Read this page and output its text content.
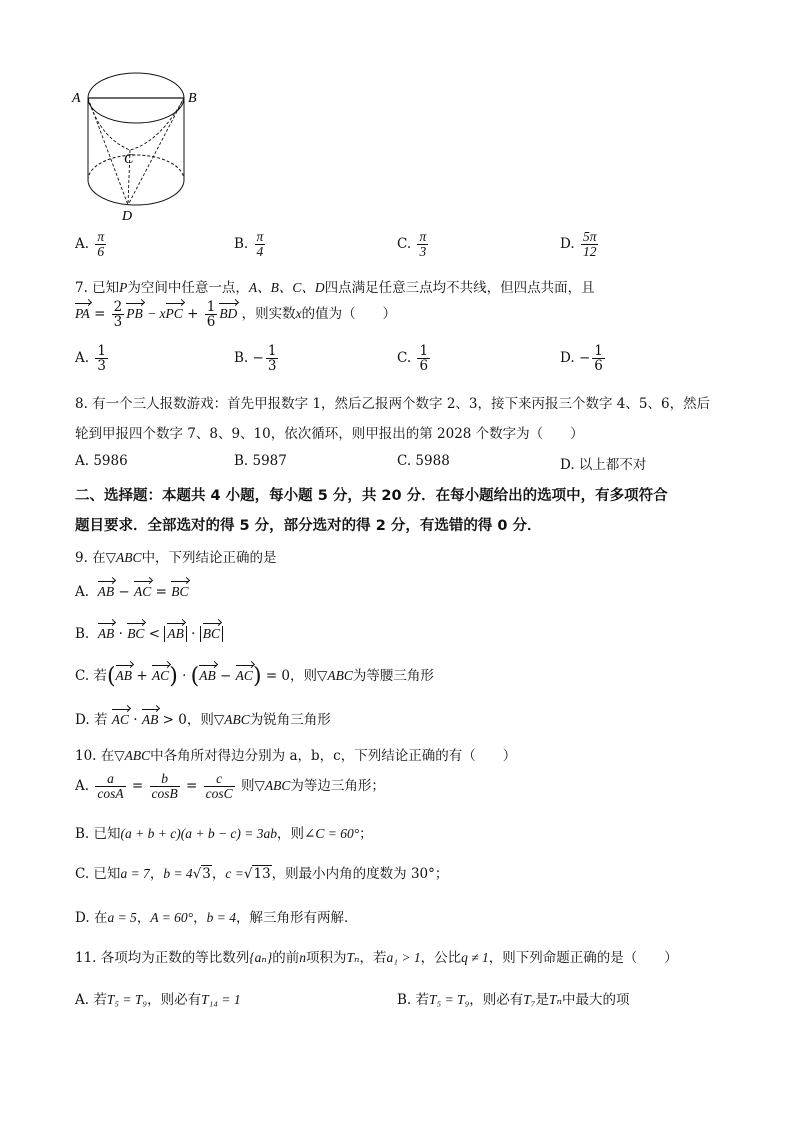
A	B
C
D
A. $\frac{\pi}{6}$	B. $\frac{\pi}{4}$	C. $\frac{\pi}{3}$	D. $\frac{5\pi}{12}$
7. 已知P为空间中任意一点，A、B、C、D四点满足任意三点均不共线，但四点共面，且
PA = $\frac{2}{3}$ PB − xPC + $\frac{1}{6}$ BD ，则实数x的值为（　　）
A. $\frac{1}{3}$	B. − $\frac{1}{3}$	C. $\frac{1}{6}$	D. − $\frac{1}{6}$
8. 有一个三人报数游戏：首先甲报数字 1，然后乙报两个数字 2、3，接下来丙报三个数字 4、5、6，然后
轮到甲报四个数字 7、8、9、10，依次循环，则甲报出的第 2028 个数字为（　　）
A. 5986	B. 5987	C. 5988	D. 以上都不对
二、选择题：本题共 4 小题，每小题 5 分，共 20 分．在每小题给出的选项中，有多项符合
题目要求．全部选对的得 5 分，部分选对的得 2 分，有选错的得 0 分．
9. 在▽ABC中，下列结论正确的是
A. AB − AC = BC
B. AB · BC < AB · BC
C. 若(AB + AC) · (AB − AC) = 0，则▽ABC为等腰三角形
D. 若 AC · AB > 0，则▽ABC为锐角三角形
10. 在▽ABC中各角所对得边分别为 a，b，c，下列结论正确的有（　　）
A. $\frac{a}{\cos A} = \frac{b}{\cos B} = \frac{c}{\cos C}$ 则▽ABC为等边三角形；
B. 已知(a + b + c)(a + b − c) = 3ab，则∠C = 60°；
C. 已知a = 7，b = 4√3，c =√13，则最小内角的度数为 30°；
D. 在a = 5，A = 60°，b = 4，解三角形有两解．
11. 各项均为正数的等比数列{aₙ}的前n项积为Tₙ，若a₁ > 1，公比q ≠ 1，则下列命题正确的是（　　）
A. 若T₅ = T₉，则必有T₁₄ = 1	B. 若T₅ = T₉，则必有T₇是Tₙ中最大的项
